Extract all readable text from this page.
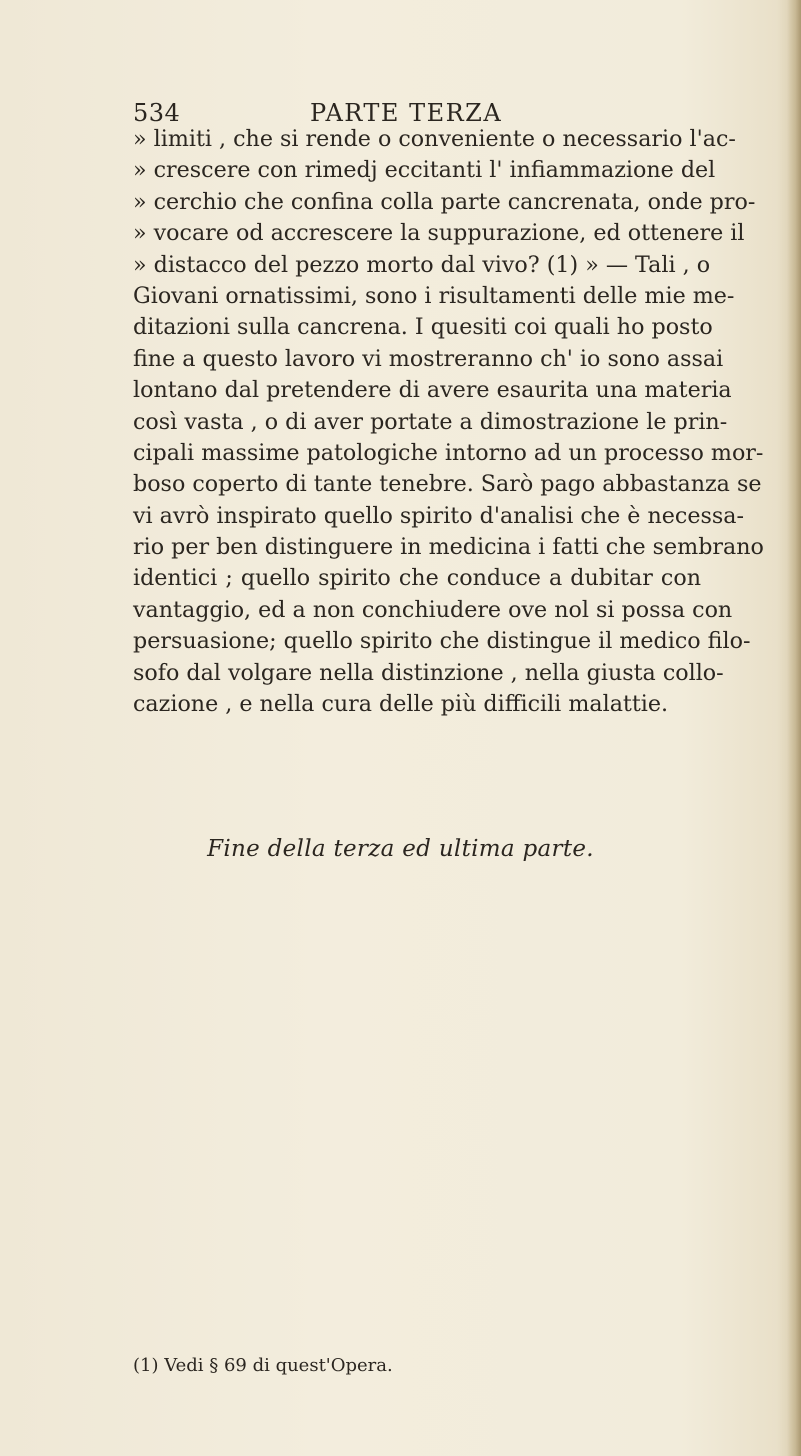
534	PARTE TERZA
» limiti , che si rende o conveniente o necessario l'ac-
» crescere con rimedj eccitanti l' infiammazione del
» cerchio che confina colla parte cancrenata, onde pro-
» vocare od accrescere la suppurazione, ed ottenere il
» distacco del pezzo morto dal vivo? (1) » — Tali , o
Giovani ornatissimi, sono i risultamenti delle mie me-
ditazioni sulla cancrena. I quesiti coi quali ho posto
fine a questo lavoro vi mostreranno ch' io sono assai
lontano dal pretendere di avere esaurita una materia
così vasta , o di aver portate a dimostrazione le prin-
cipali massime patologiche intorno ad un processo mor-
boso coperto di tante tenebre. Sarò pago abbastanza se
vi avrò inspirato quello spirito d'analisi che è necessa-
rio per ben distinguere in medicina i fatti che sembrano
identici ; quello spirito che conduce a dubitar con
vantaggio, ed a non conchiudere ove nol si possa con
persuasione; quello spirito che distingue il medico filo-
sofo dal volgare nella distinzione , nella giusta collo-
cazione , e nella cura delle più difficili malattie.
Fine della terza ed ultima parte.
(1) Vedi § 69 di quest'Opera.
